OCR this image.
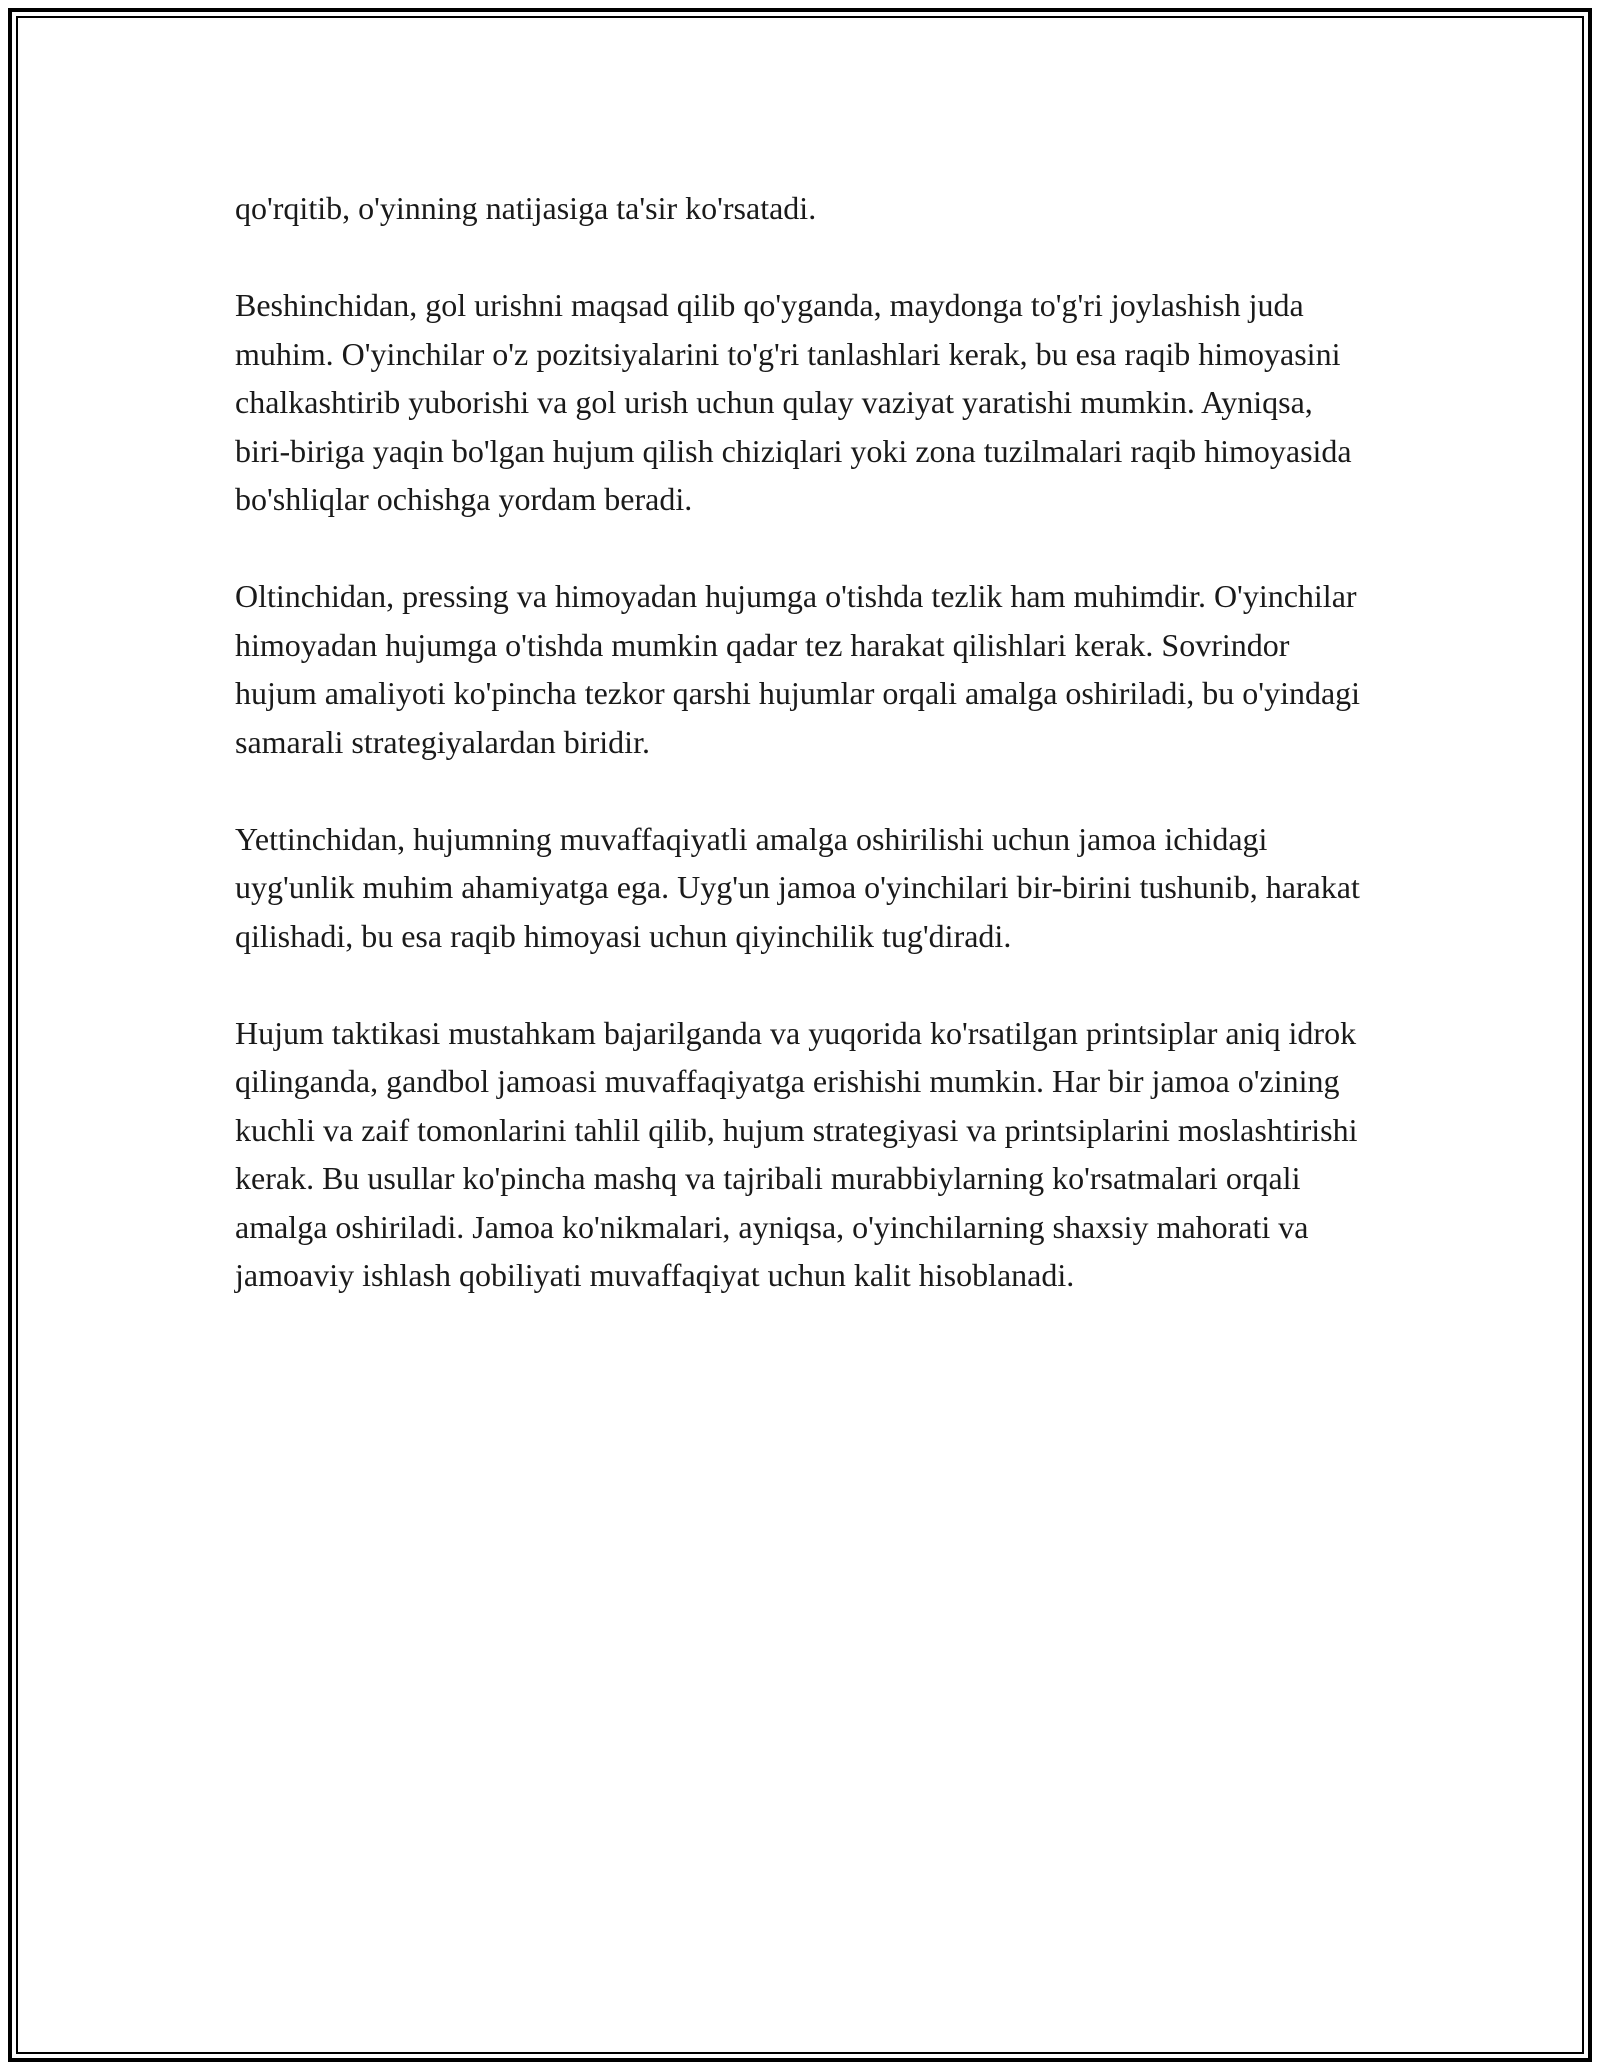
qo'rqitib, o'yinning natijasiga ta'sir ko'rsatadi.

Beshinchidan, gol urishni maqsad qilib qo'yganda, maydonga to'g'ri joylashish juda muhim. O'yinchilar o'z pozitsiyalarini to'g'ri tanlashlari kerak, bu esa raqib himoyasini chalkashtirib yuborishi va gol urish uchun qulay vaziyat yaratishi mumkin. Ayniqsa, biri-biriga yaqin bo'lgan hujum qilish chiziqlari yoki zona tuzilmalari raqib himoyasida bo'shliqlar ochishga yordam beradi.

Oltinchidan, pressing va himoyadan hujumga o'tishda tezlik ham muhimdir. O'yinchilar himoyadan hujumga o'tishda mumkin qadar tez harakat qilishlari kerak. Sovrindor hujum amaliyoti ko'pincha tezkor qarshi hujumlar orqali amalga oshiriladi, bu o'yindagi samarali strategiyalardan biridir.

Yettinchidan, hujumning muvaffaqiyatli amalga oshirilishi uchun jamoa ichidagi uyg'unlik muhim ahamiyatga ega. Uyg'un jamoa o'yinchilari bir-birini tushunib, harakat qilishadi, bu esa raqib himoyasi uchun qiyinchilik tug'diradi.

Hujum taktikasi mustahkam bajarilganda va yuqorida ko'rsatilgan printsiplar aniq idrok qilinganda, gandbol jamoasi muvaffaqiyatga erishishi mumkin. Har bir jamoa o'zining kuchli va zaif tomonlarini tahlil qilib, hujum strategiyasi va printsiplarini moslashtirishi kerak. Bu usullar ko'pincha mashq va tajribali murabbiylarning ko'rsatmalari orqali amalga oshiriladi. Jamoa ko'nikmalari, ayniqsa, o'yinchilarning shaxsiy mahorati va jamoaviy ishlash qobiliyati muvaffaqiyat uchun kalit hisoblanadi.
